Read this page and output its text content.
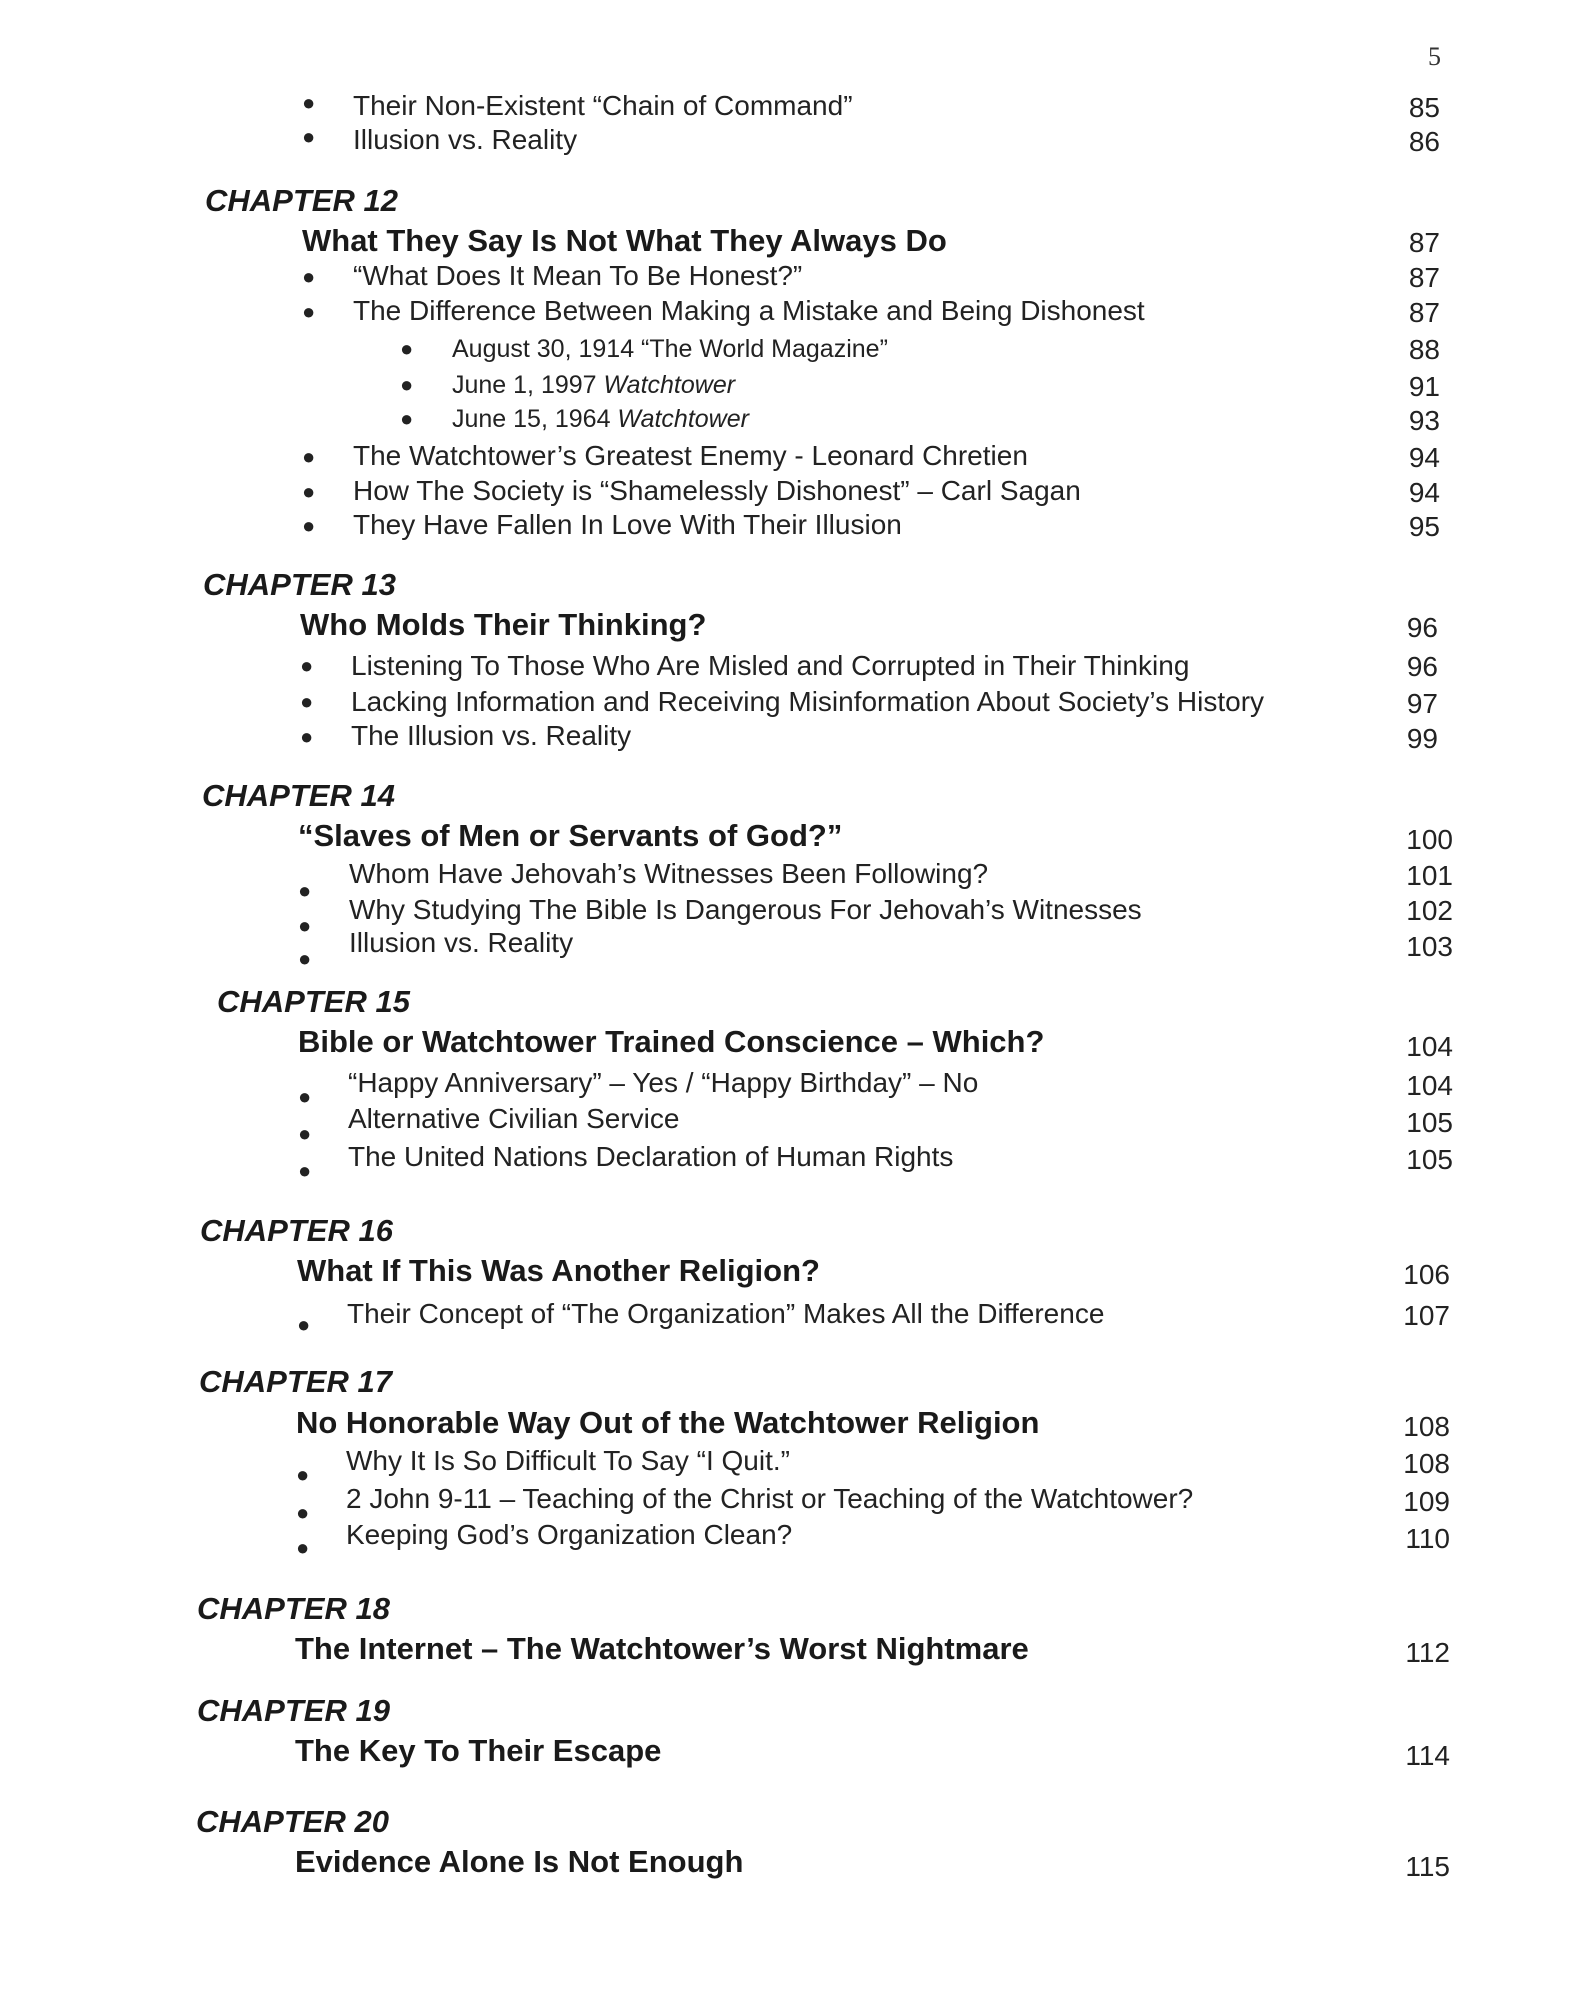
5
● Their Non-Existent “Chain of Command”	85
● Illusion vs. Reality	86
CHAPTER 12
What They Say Is Not What They Always Do	87
● “What Does It Mean To Be Honest?”	87
● The Difference Between Making a Mistake and Being Dishonest	87
● August 30, 1914 “The World Magazine”	88
● June 1, 1997 Watchtower	91
● June 15, 1964 Watchtower	93
● The Watchtower’s Greatest Enemy - Leonard Chretien	94
● How The Society is “Shamelessly Dishonest” – Carl Sagan	94
● They Have Fallen In Love With Their Illusion	95
CHAPTER 13
Who Molds Their Thinking?	96
● Listening To Those Who Are Misled and Corrupted in Their Thinking	96
● Lacking Information and Receiving Misinformation About Society’s History	97
● The Illusion vs. Reality	99
CHAPTER 14
“Slaves of Men or Servants of God?”	100
●
Whom Have Jehovah’s Witnesses Been Following?	101
●
Why Studying The Bible Is Dangerous For Jehovah’s Witnesses	102
●
Illusion vs. Reality	103
CHAPTER 15
Bible or Watchtower Trained Conscience – Which?	104
● “Happy Anniversary” – Yes / “Happy Birthday” – No	104
● Alternative Civilian Service	105
● The United Nations Declaration of Human Rights	105
CHAPTER 16
What If This Was Another Religion?	106
● Their Concept of “The Organization” Makes All the Difference	107
CHAPTER 17
No Honorable Way Out of the Watchtower Religion	108
● Why It Is So Difficult To Say “I Quit.”	108
● 2 John 9-11 – Teaching of the Christ or Teaching of the Watchtower?	109
● Keeping God’s Organization Clean?	110
CHAPTER 18
The Internet – The Watchtower’s Worst Nightmare	112
CHAPTER 19
The Key To Their Escape	114
CHAPTER 20
Evidence Alone Is Not Enough	115
